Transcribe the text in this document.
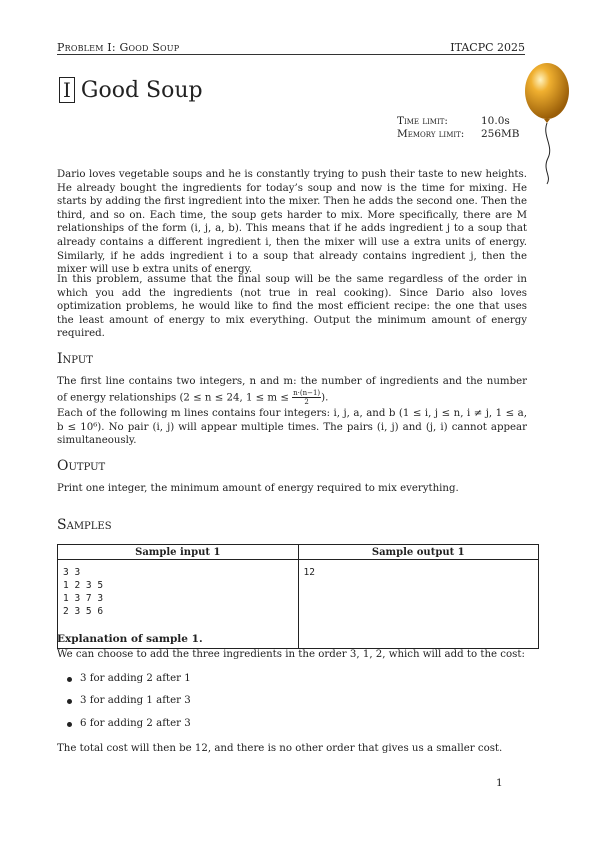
Problem I: Good Soup	ITACPC 2025
I Good Soup
Time limit:	10.0s
Memory limit:	256MB
Dario loves vegetable soups and he is constantly trying to push their taste to new heights. He already bought the ingredients for today’s soup and now is the time for mixing. He starts by adding the first ingredient into the mixer. Then he adds the second one. Then the third, and so on. Each time, the soup gets harder to mix. More specifically, there are M relationships of the form (i, j, a, b). This means that if he adds ingredient j to a soup that already contains a different ingredient i, then the mixer will use a extra units of energy. Similarly, if he adds ingredient i to a soup that already contains ingredient j, then the mixer will use b extra units of energy.
In this problem, assume that the final soup will be the same regardless of the order in which you add the ingredients (not true in real cooking). Since Dario also loves optimization problems, he would like to find the most efficient recipe: the one that uses the least amount of energy to mix everything. Output the minimum amount of energy required.
Input
The first line contains two integers, n and m: the number of ingredients and the number of energy relationships (2 ≤ n ≤ 24, $1 \le m \le \frac{n\cdot(n-1)}{2}$ ).
Each of the following m lines contains four integers: i, j, a, and b (1 ≤ i, j ≤ n, i ≠ j, 1 ≤ a, b ≤ 10⁶). No pair (i, j) will appear multiple times. The pairs (i, j) and (j, i) cannot appear simultaneously.
Output
Print one integer, the minimum amount of energy required to mix everything.
Samples
Sample input 1	Sample output 1

3 3
1 2 3 5
1 3 7 3
2 3 5 6	12
Explanation of sample 1.
We can choose to add the three ingredients in the order 3, 1, 2, which will add to the cost:
3 for adding 2 after 1
3 for adding 1 after 3
6 for adding 2 after 3
The total cost will then be 12, and there is no other order that gives us a smaller cost.
1
